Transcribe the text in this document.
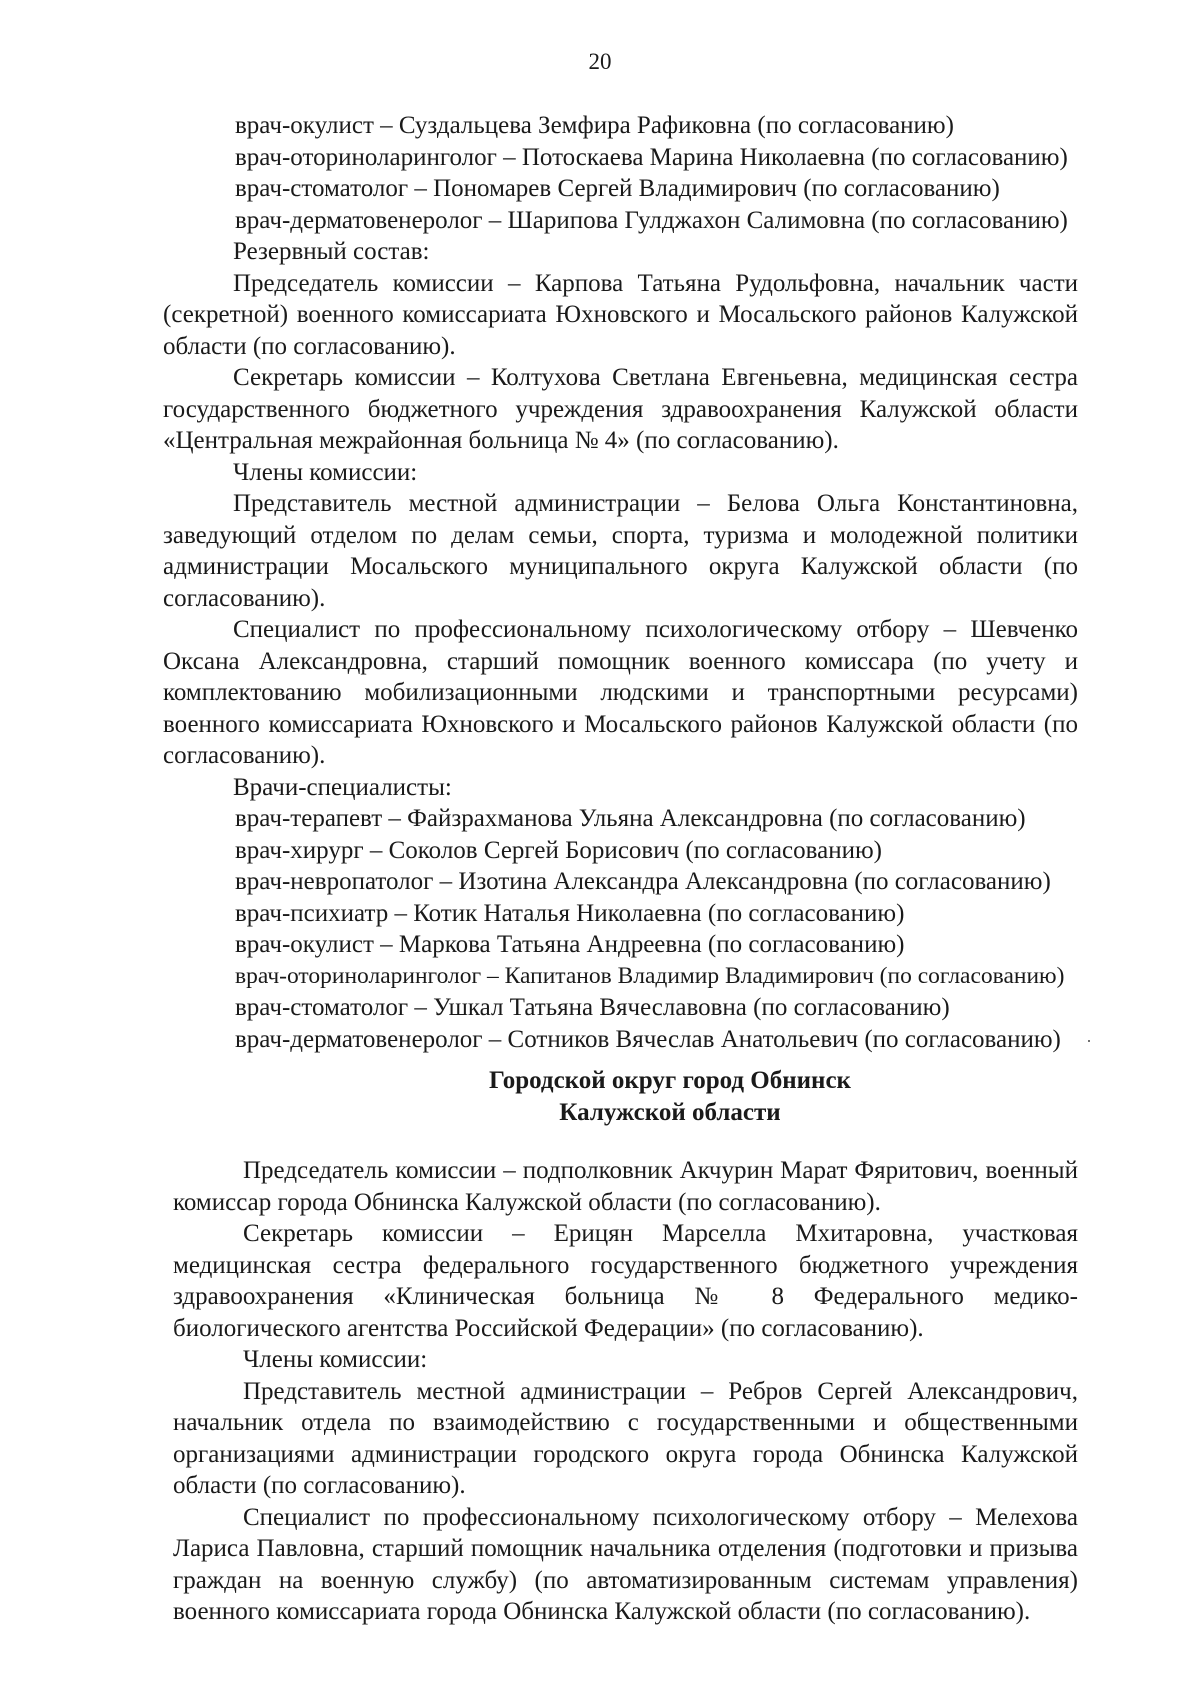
20
врач-окулист – Суздальцева Земфира Рафиковна (по согласованию)
врач-оториноларинголог – Потоскаева Марина Николаевна (по согласованию)
врач-стоматолог – Пономарев Сергей Владимирович (по согласованию)
врач-дерматовенеролог – Шарипова Гулджахон Салимовна (по согласованию)
Резервный состав:

Председатель комиссии – Карпова Татьяна Рудольфовна, начальник части (секретной) военного комиссариата Юхновского и Мосальского районов Калужской области (по согласованию).

Секретарь комиссии – Колтухова Светлана Евгеньевна, медицинская сестра государственного бюджетного учреждения здравоохранения Калужской области «Центральная межрайонная больница № 4» (по согласованию).

Члены комиссии:

Представитель местной администрации – Белова Ольга Константиновна, заведующий отделом по делам семьи, спорта, туризма и молодежной политики администрации Мосальского муниципального округа Калужской области (по согласованию).

Специалист по профессиональному психологическому отбору – Шевченко Оксана Александровна, старший помощник военного комиссара (по учету и комплектованию мобилизационными людскими и транспортными ресурсами) военного комиссариата Юхновского и Мосальского районов Калужской области (по согласованию).

Врачи-специалисты:
врач-терапевт – Файзрахманова Ульяна Александровна (по согласованию)
врач-хирург – Соколов Сергей Борисович (по согласованию)
врач-невропатолог – Изотина Александра Александровна (по согласованию)
врач-психиатр – Котик Наталья Николаевна (по согласованию)
врач-окулист – Маркова Татьяна Андреевна (по согласованию)
врач-оториноларинголог – Капитанов Владимир Владимирович (по согласованию)
врач-стоматолог – Ушкал Татьяна Вячеславовна (по согласованию)
врач-дерматовенеролог – Сотников Вячеслав Анатольевич (по согласованию)
Городской округ город Обнинск
Калужской области

Председатель комиссии – подполковник Акчурин Марат Фяритович, военный комиссар города Обнинска Калужской области (по согласованию).

Секретарь комиссии – Ерицян Марселла Мхитаровна, участковая медицинская сестра федерального государственного бюджетного учреждения здравоохранения «Клиническая больница № 8 Федерального медико-биологического агентства Российской Федерации» (по согласованию).

Члены комиссии:

Представитель местной администрации – Ребров Сергей Александрович, начальник отдела по взаимодействию с государственными и общественными организациями администрации городского округа города Обнинска Калужской области (по согласованию).

Специалист по профессиональному психологическому отбору – Мелехова Лариса Павловна, старший помощник начальника отделения (подготовки и призыва граждан на военную службу) (по автоматизированным системам управления) военного комиссариата города Обнинска Калужской области (по согласованию).
